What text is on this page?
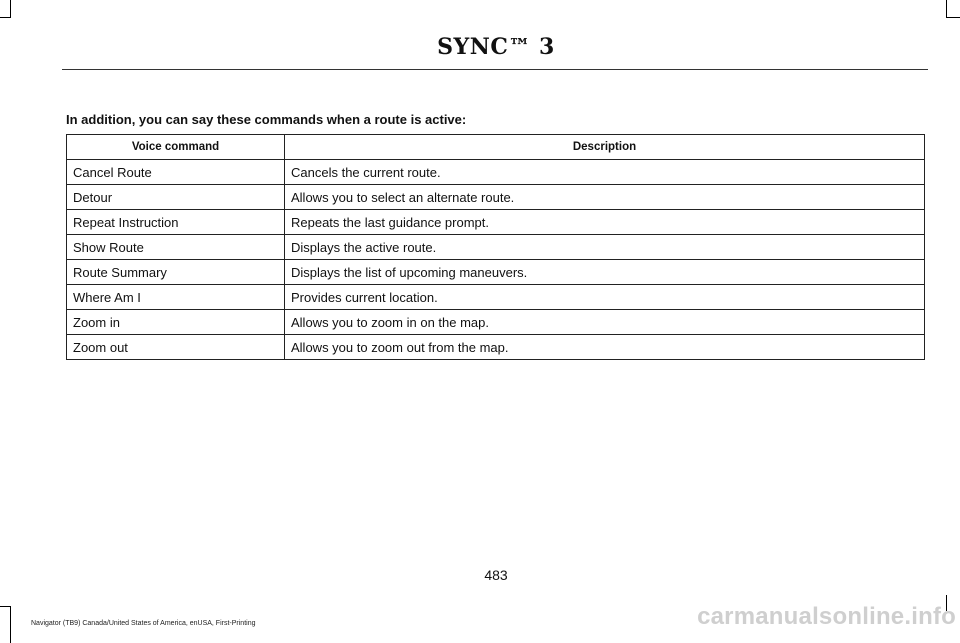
SYNC™ 3
In addition, you can say these commands when a route is active:
Voice command	Description
Cancel Route	Cancels the current route.
Detour	Allows you to select an alternate route.
Repeat Instruction	Repeats the last guidance prompt.
Show Route	Displays the active route.
Route Summary	Displays the list of upcoming maneuvers.
Where Am I	Provides current location.
Zoom in	Allows you to zoom in on the map.
Zoom out	Allows you to zoom out from the map.
483
Navigator (TB9) Canada/United States of America, enUSA, First-Printing	carmanualsonline.info
